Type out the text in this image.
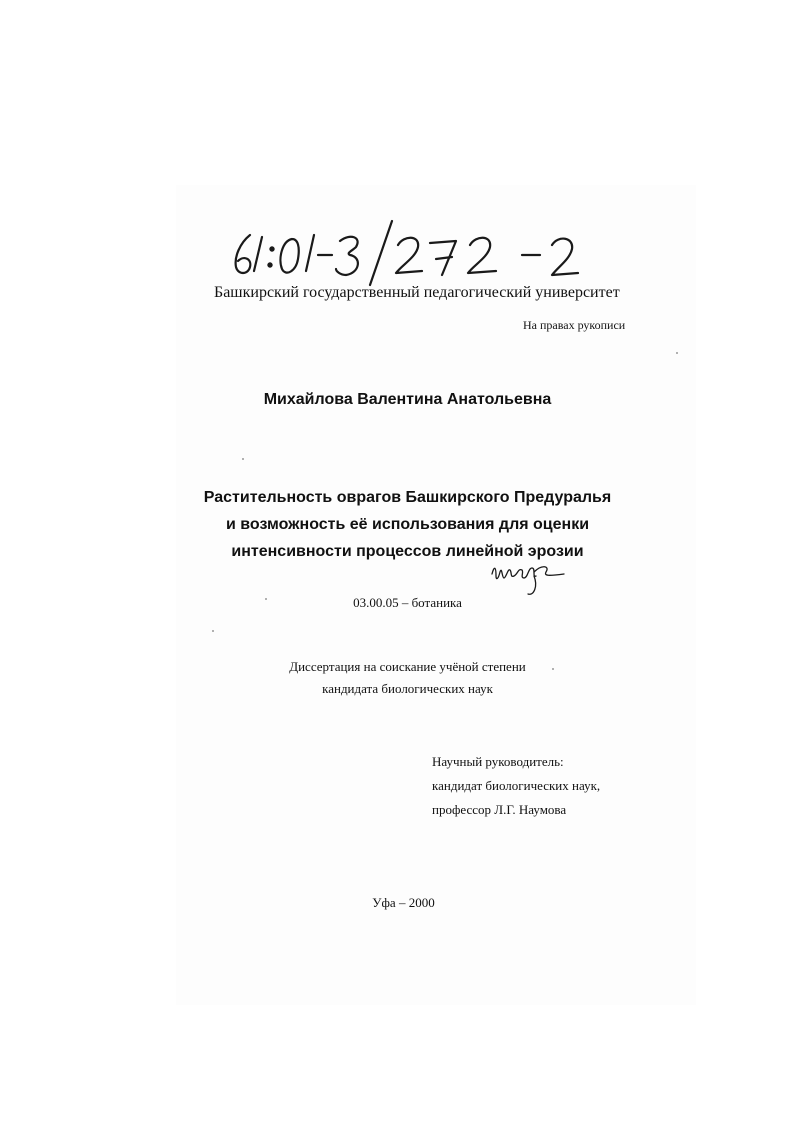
Башкирский государственный педагогический университет
На правах рукописи
Михайлова Валентина Анатольевна
Растительность оврагов Башкирского Предуралья
и возможность её использования для оценки
интенсивности процессов линейной эрозии
03.00.05 – ботаника
Диссертация на соискание учёной степени
кандидата биологических наук
Научный руководитель:
кандидат биологических наук,
профессор Л.Г. Наумова
Уфа – 2000
